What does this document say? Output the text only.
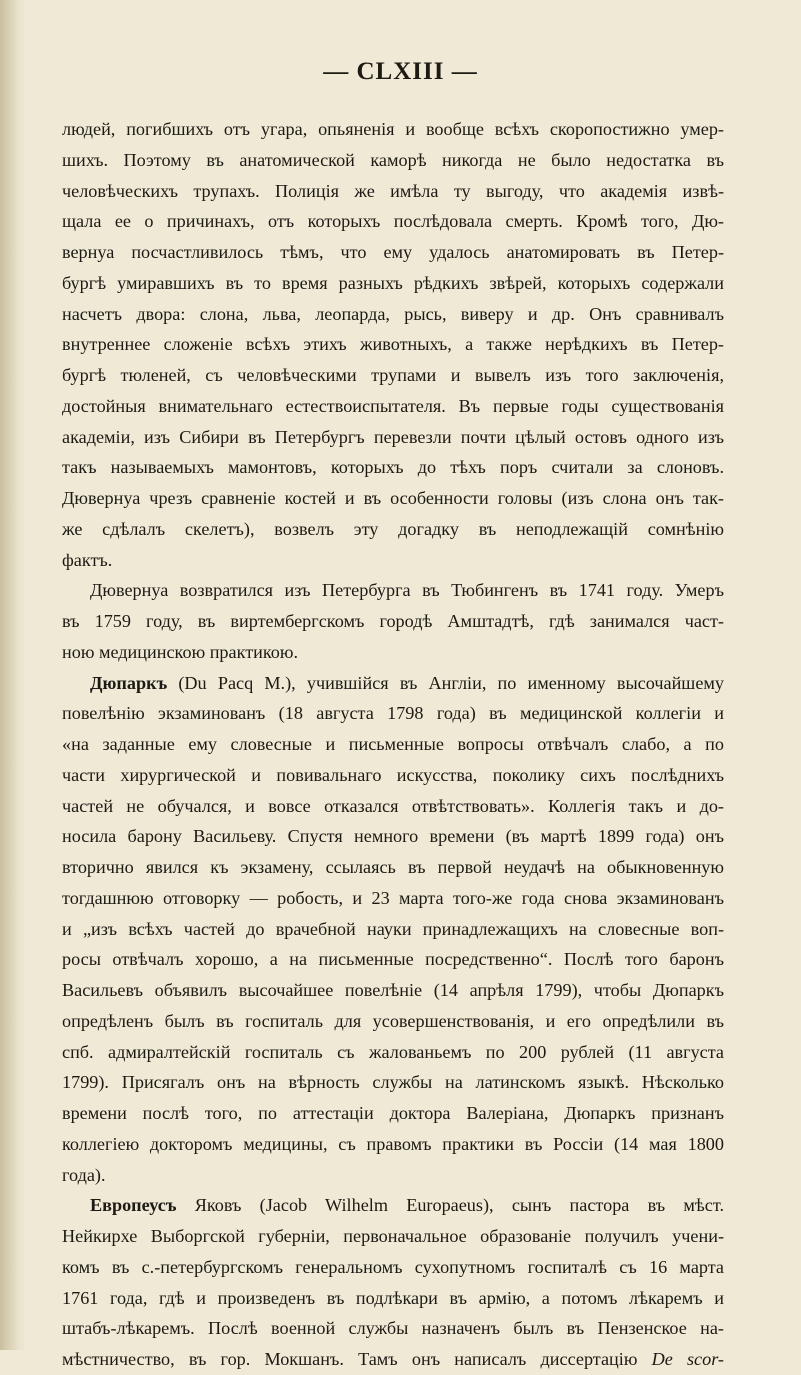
— CLXIII —
людей, погибшихъ отъ угара, опьяненія и вообще всѣхъ скоропостижно умер-
шихъ. Поэтому въ анатомической каморѣ никогда не было недостатка въ
человѣческихъ трупахъ. Полиція же имѣла ту выгоду, что академія извѣ-
щала ее о причинахъ, отъ которыхъ послѣдовала смерть. Кромѣ того, Дю-
вернуа посчастливилось тѣмъ, что ему удалось анатомировать въ Петер-
бургѣ умиравшихъ въ то время разныхъ рѣдкихъ звѣрей, которыхъ содержали
насчетъ двора: слона, льва, леопарда, рысь, виверу и др. Онъ сравнивалъ
внутреннее сложеніе всѣхъ этихъ животныхъ, а также нерѣдкихъ въ Петер-
бургѣ тюленей, съ человѣческими трупами и вывелъ изъ того заключенія,
достойныя внимательнаго естествоиспытателя. Въ первые годы существованія
академіи, изъ Сибири въ Петербургъ перевезли почти цѣлый остовъ одного изъ
такъ называемыхъ мамонтовъ, которыхъ до тѣхъ поръ считали за слоновъ.
Дювернуа чрезъ сравненіе костей и въ особенности головы (изъ слона онъ так-
же сдѣлалъ скелетъ), возвелъ эту догадку въ неподлежащій сомнѣнію
фактъ.
Дювернуа возвратился изъ Петербурга въ Тюбингенъ въ 1741 году. Умеръ
въ 1759 году, въ виртембергскомъ городѣ Амштадтѣ, гдѣ занимался част-
ною медицинскою практикою.
Дюпаркъ (Du Pacq M.), учившійся въ Англіи, по именному высочайшему
повелѣнію экзаминованъ (18 августа 1798 года) въ медицинской коллегіи и
«на заданные ему словесные и письменные вопросы отвѣчалъ слабо, а по
части хирургической и повивальнаго искусства, поколику сихъ послѣднихъ
частей не обучался, и вовсе отказался отвѣтствовать». Коллегія такъ и до-
носила барону Васильеву. Спустя немного времени (въ мартѣ 1899 года) онъ
вторично явился къ экзамену, ссылаясь въ первой неудачѣ на обыкновенную
тогдашнюю отговорку — робость, и 23 марта того-же года снова экзаминованъ
и „изъ всѣхъ частей до врачебной науки принадлежащихъ на словесные воп-
росы отвѣчалъ хорошо, а на письменные посредственно“. Послѣ того баронъ
Васильевъ объявилъ высочайшее повелѣніе (14 апрѣля 1799), чтобы Дюпаркъ
опредѣленъ былъ въ госпиталь для усовершенствованія, и его опредѣлили въ
спб. адмиралтейскій госпиталь съ жалованьемъ по 200 рублей (11 августа
1799). Присягалъ онъ на вѣрность службы на латинскомъ языкѣ. Нѣсколько
времени послѣ того, по аттестаціи доктора Валеріана, Дюпаркъ признанъ
коллегіею докторомъ медицины, съ правомъ практики въ Россіи (14 мая 1800
года).
Европеусъ Яковъ (Jacob Wilhelm Europaeus), сынъ пастора въ мѣст.
Нейкирхе Выборгской губерніи, первоначальное образованіе получилъ учени-
комъ въ с.-петербургскомъ генеральномъ сухопутномъ госпиталѣ съ 16 марта
1761 года, гдѣ и произведенъ въ подлѣкари въ армію, а потомъ лѣкаремъ и
штабъ-лѣкаремъ. Послѣ военной службы назначенъ былъ въ Пензенское на-
мѣстничество, въ гор. Мокшанъ. Тамъ онъ написалъ диссертацію De scor-
